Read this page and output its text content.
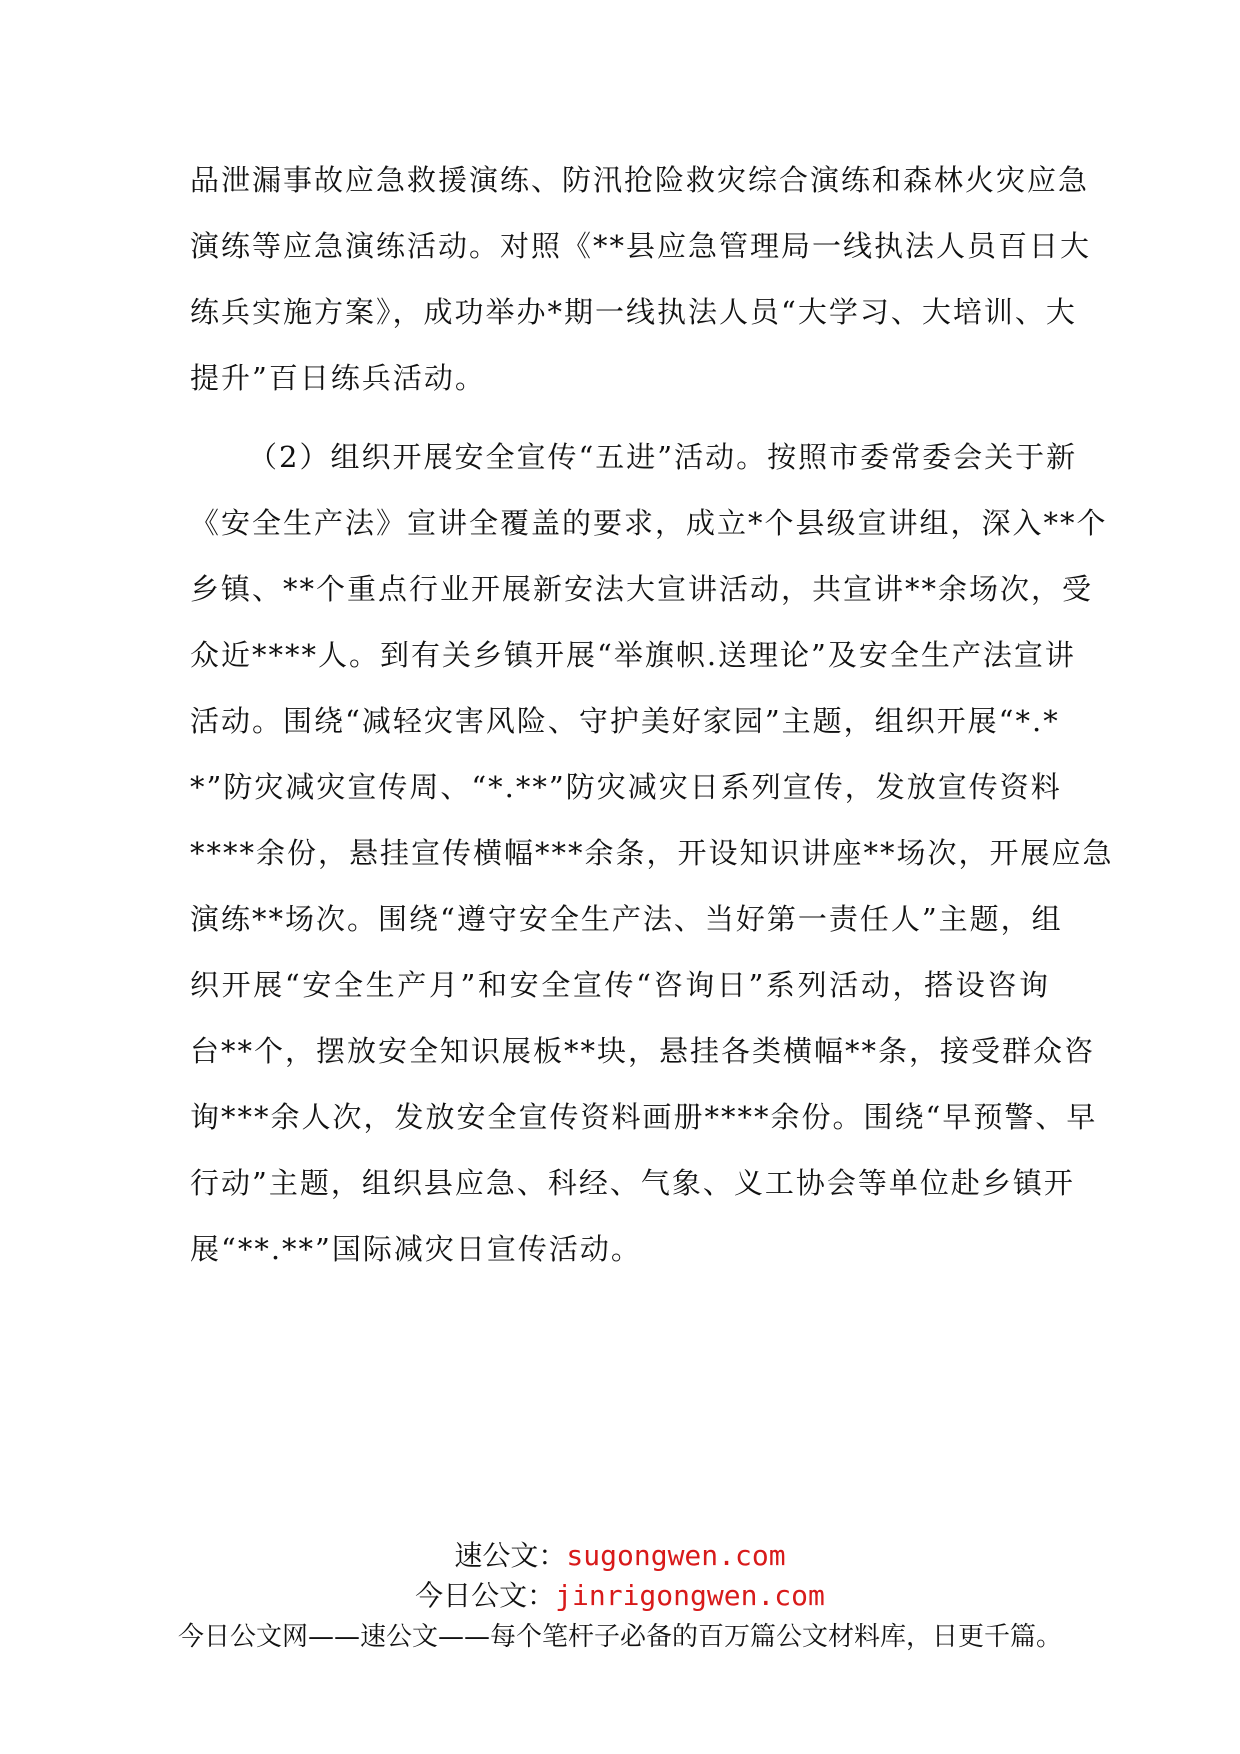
品泄漏事故应急救援演练、防汛抢险救灾综合演练和森林火灾应急
演练等应急演练活动。对照《**县应急管理局一线执法人员百日大
练兵实施方案》，成功举办*期一线执法人员“大学习、大培训、大
提升”百日练兵活动。
（2）组织开展安全宣传“五进”活动。按照市委常委会关于新
《安全生产法》宣讲全覆盖的要求，成立*个县级宣讲组，深入**个
乡镇、**个重点行业开展新安法大宣讲活动，共宣讲**余场次，受
众近****人。到有关乡镇开展“举旗帜.送理论”及安全生产法宣讲
活动。围绕“减轻灾害风险、守护美好家园”主题，组织开展“*.*
*”防灾减灾宣传周、“*.**”防灾减灾日系列宣传，发放宣传资料
****余份，悬挂宣传横幅***余条，开设知识讲座**场次，开展应急
演练**场次。围绕“遵守安全生产法、当好第一责任人”主题，组
织开展“安全生产月”和安全宣传“咨询日”系列活动，搭设咨询
台**个，摆放安全知识展板**块，悬挂各类横幅**条，接受群众咨
询***余人次，发放安全宣传资料画册****余份。围绕“早预警、早
行动”主题，组织县应急、科经、气象、义工协会等单位赴乡镇开
展“**.**”国际减灾日宣传活动。
速公文：sugongwen.com
今日公文：jinrigongwen.com
今日公文网——速公文——每个笔杆子必备的百万篇公文材料库，日更千篇。
